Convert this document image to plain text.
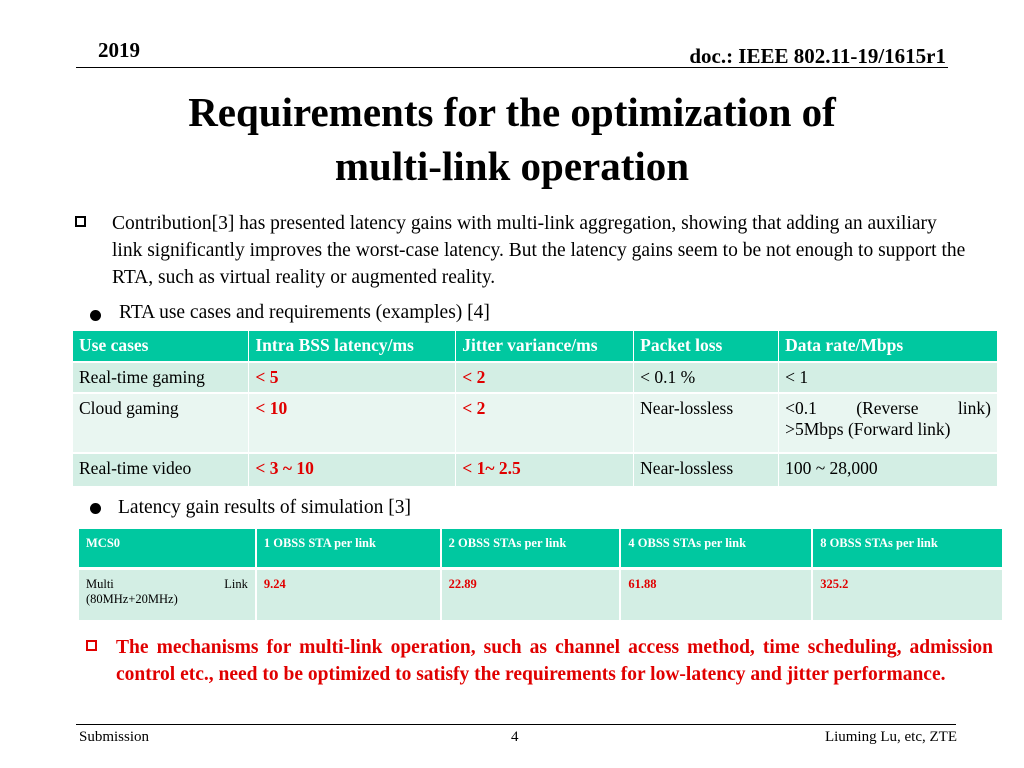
2019	doc.: IEEE 802.11-19/1615r1
Requirements for the optimization of
multi-link operation
Contribution[3] has presented latency gains with multi-link aggregation, showing that adding an auxiliary link significantly improves the worst-case latency. But the latency gains seem to be not enough to support the RTA, such as virtual reality or augmented reality.
RTA use cases and requirements (examples) [4]
Use cases	Intra BSS latency/ms	Jitter variance/ms	Packet loss	Data rate/Mbps
Real-time gaming	< 5	< 2	< 0.1 %	< 1
Cloud gaming	< 10	< 2	Near-lossless	<0.1 (Reverse link)
>5Mbps (Forward link)

Real-time video	< 3 ~ 10	< 1~ 2.5	Near-lossless	100 ~ 28,000
Latency gain results of simulation [3]
MCS0	1 OBSS STA per link	2 OBSS STAs per link	4 OBSS STAs per link	8 OBSS STAs per link

Multi Link
(80MHz+20MHz)	9.24	22.89	61.88	325.2
The mechanisms for multi-link operation, such as channel access method, time scheduling, admission control etc., need to be optimized to satisfy the requirements for low-latency and jitter performance.
Submission	4	Liuming Lu, etc, ZTE
